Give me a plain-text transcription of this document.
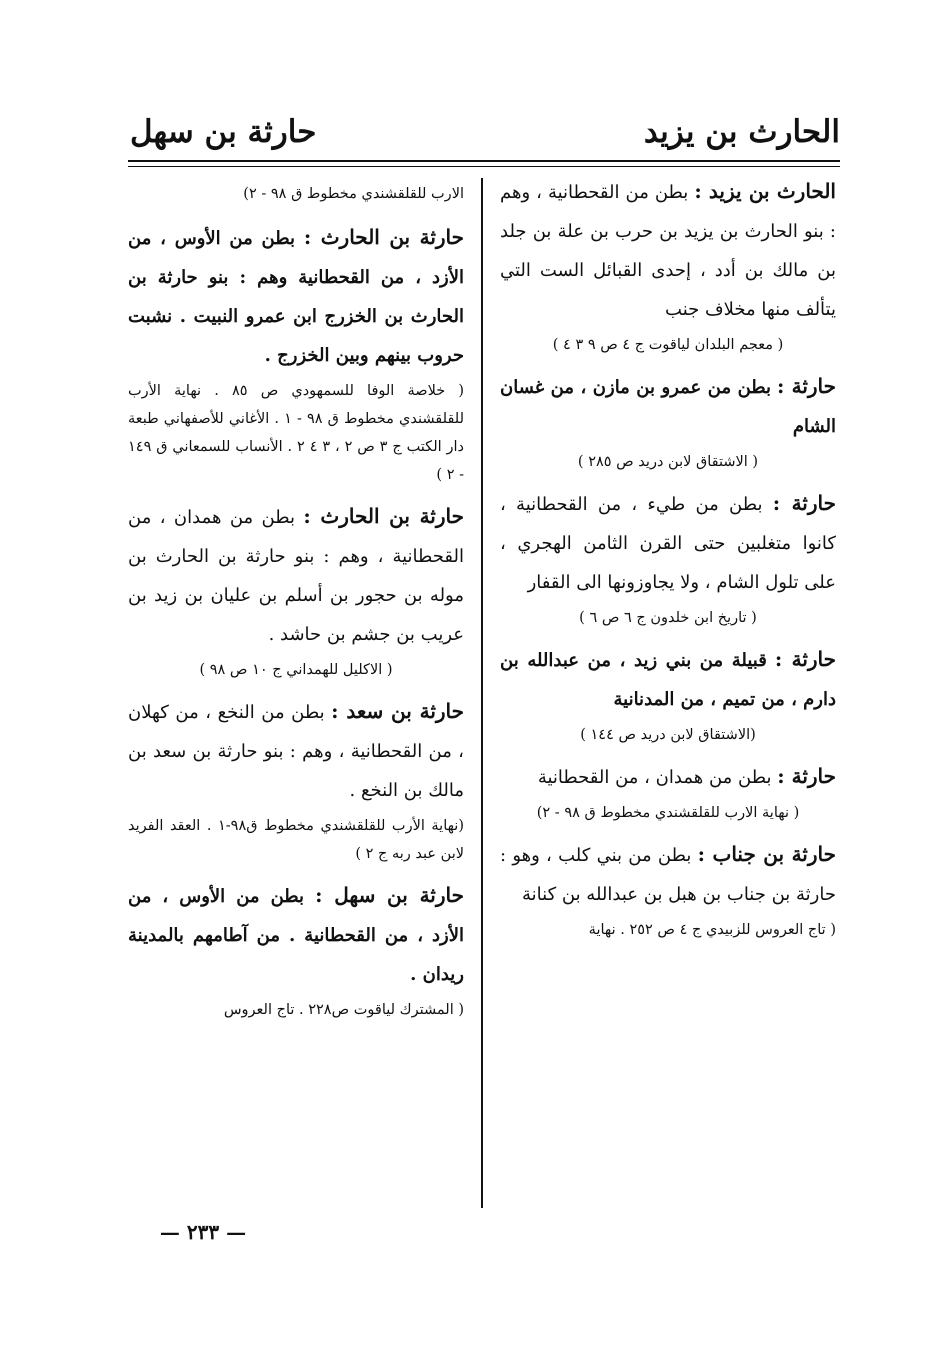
الحارث بن يزيد
حارثة بن سهل

الحارث بن يزيد : بطن من القحطانية ، وهم : بنو الحارث بن يزيد بن حرب بن علة بن جلد بن مالك بن أدد ، إحدى القبائل الست التي يتألف منها مخلاف جنب

( معجم البلدان لياقوت ج ٤ ص ٩ ٣ ٤ )

حارثة : بطن من عمرو بن مازن ، من غسان الشام

( الاشتقاق لابن دريد ص ٢٨٥ )

حارثة : بطن من طيء ، من القحطانية ، كانوا متغلبين حتى القرن الثامن الهجري ، على تلول الشام ، ولا يجاوزونها الى القفار

( تاريخ ابن خلدون ج ٦ ص ٦ )

حارثة : قبيلة من بني زيد ، من عبدالله بن دارم ، من تميم ، من المدنانية

(الاشتقاق لابن دريد ص ١٤٤ )

حارثة : بطن من همدان ، من القحطانية

( نهاية الارب للقلقشندي مخطوط ق ٩٨ - ٢)

حارثة بن جناب : بطن من بني كلب ، وهو : حارثة بن جناب بن هبل بن عبدالله بن كنانة

( تاج العروس للزبيدي ج ٤ ص ٢٥٢ . نهاية

الارب للقلقشندي مخطوط ق ٩٨ - ٢)

حارثة بن الحارث : بطن من الأوس ، من الأزد ، من القحطانية وهم : بنو حارثة بن الحارث بن الخزرج ابن عمرو النبيت . نشبت حروب بينهم وبين الخزرج .

( خلاصة الوفا للسمهودي ص ٨٥ . نهاية الأرب للقلقشندي مخطوط ق ٩٨ - ١ . الأغاني للأصفهاني طبعة دار الكتب ج ٣ ص ٢ ، ٣ ٤ ٢ . الأنساب للسمعاني ق ١٤٩ - ٢ )

حارثة بن الحارث : بطن من همدان ، من القحطانية ، وهم : بنو حارثة بن الحارث بن موله بن حجور بن أسلم بن عليان بن زيد بن عريب بن جشم بن حاشد .

( الاكليل للهمداني ج ١٠ ص ٩٨ )

حارثة بن سعد : بطن من النخع ، من كهلان ، من القحطانية ، وهم : بنو حارثة بن سعد بن مالك بن النخع .

(نهاية الأرب للقلقشندي مخطوط ق٩٨-١ . العقد الفريد لابن عبد ربه ج ٢ )

حارثة بن سهل : بطن من الأوس ، من الأزد ، من القحطانية . من آطامهم بالمدينة ريدان .

( المشترك لياقوت ص٢٢٨ . تاج العروس

— ٢٣٣ —
